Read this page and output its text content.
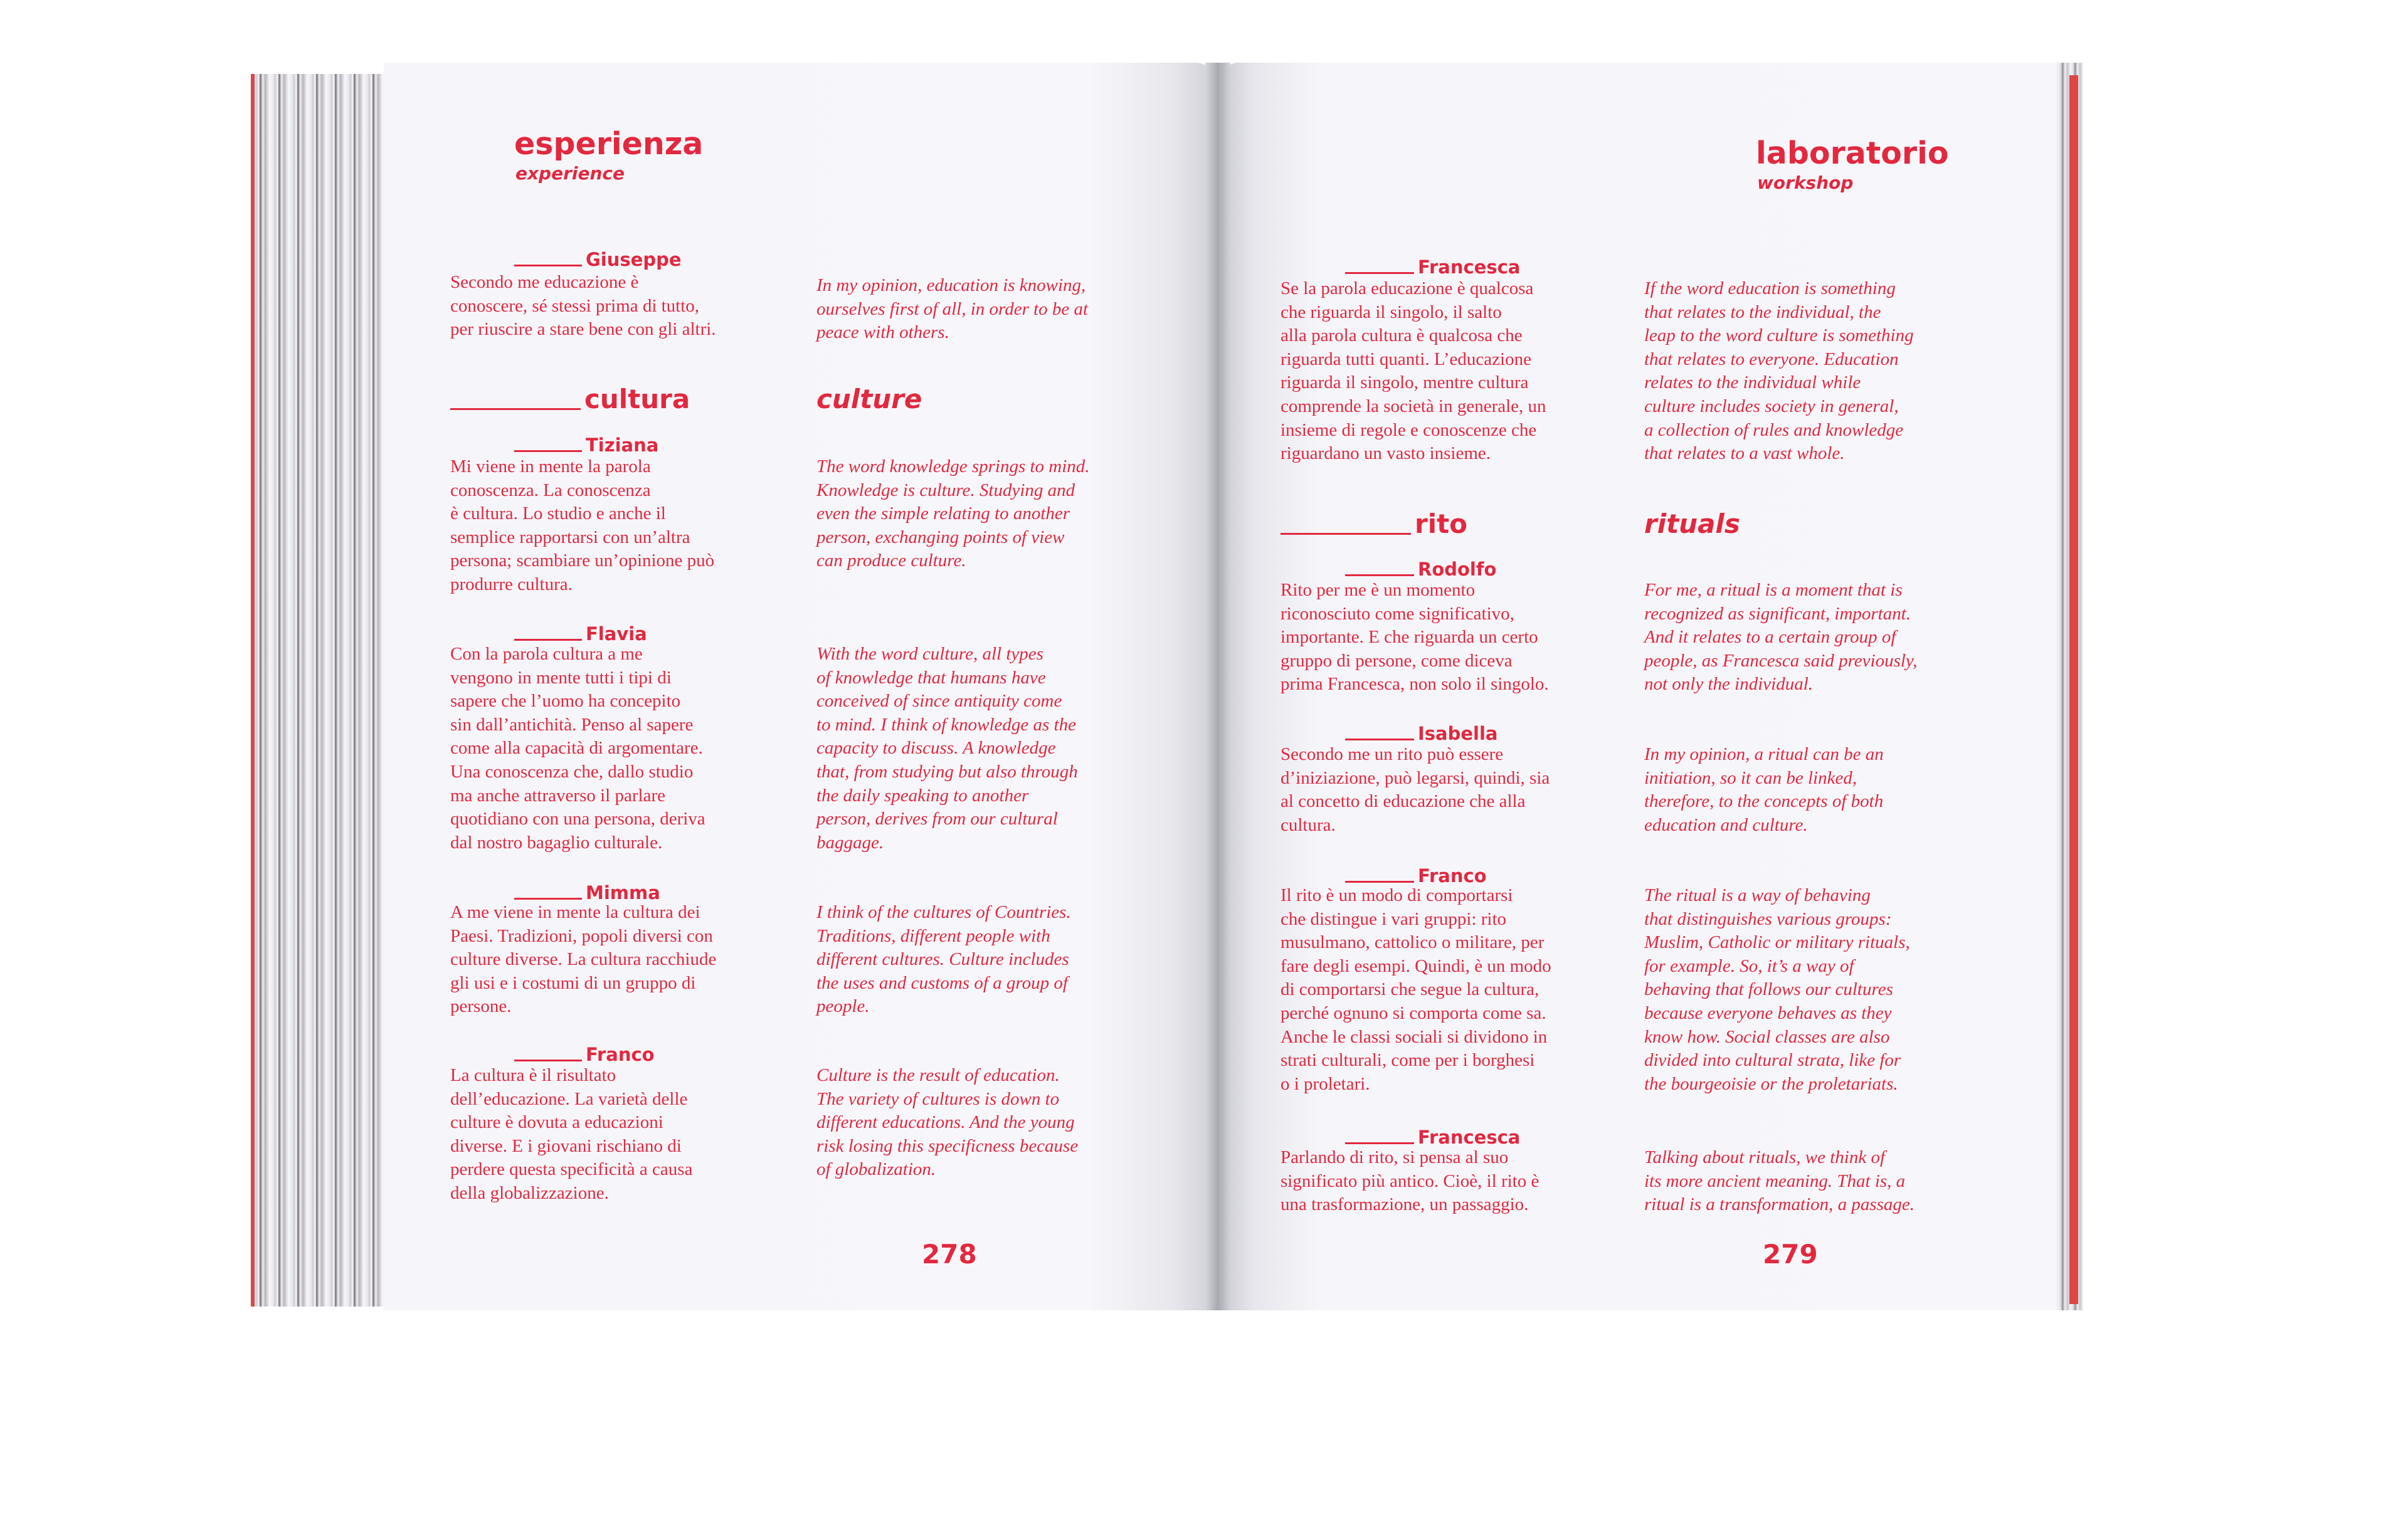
esperienza
experience
Giuseppe
Secondo me educazione è
conoscere, sé stessi prima di tutto,
per riuscire a stare bene con gli altri.
In my opinion, education is knowing,
ourselves first of all, in order to be at
peace with others.
cultura	culture
Tiziana
Mi viene in mente la parola
conoscenza. La conoscenza
è cultura. Lo studio e anche il
semplice rapportarsi con un’altra
persona; scambiare un’opinione può
produrre cultura.
The word knowledge springs to mind.
Knowledge is culture. Studying and
even the simple relating to another
person, exchanging points of view
can produce culture.
Flavia
Con la parola cultura a me
vengono in mente tutti i tipi di
sapere che l’uomo ha concepito
sin dall’antichità. Penso al sapere
come alla capacità di argomentare.
Una conoscenza che, dallo studio
ma anche attraverso il parlare
quotidiano con una persona, deriva
dal nostro bagaglio culturale.
With the word culture, all types
of knowledge that humans have
conceived of since antiquity come
to mind. I think of knowledge as the
capacity to discuss. A knowledge
that, from studying but also through
the daily speaking to another
person, derives from our cultural
baggage.
Mimma
A me viene in mente la cultura dei
Paesi. Tradizioni, popoli diversi con
culture diverse. La cultura racchiude
gli usi e i costumi di un gruppo di
persone.
I think of the cultures of Countries.
Traditions, different people with
different cultures. Culture includes
the uses and customs of a group of
people.
Franco
La cultura è il risultato
dell’educazione. La varietà delle
culture è dovuta a educazioni
diverse. E i giovani rischiano di
perdere questa specificità a causa
della globalizzazione.
Culture is the result of education.
The variety of cultures is down to
different educations. And the young
risk losing this specificness because
of globalization.
278
laboratorio
workshop
Francesca
Se la parola educazione è qualcosa
che riguarda il singolo, il salto
alla parola cultura è qualcosa che
riguarda tutti quanti. L’educazione
riguarda il singolo, mentre cultura
comprende la società in generale, un
insieme di regole e conoscenze che
riguardano un vasto insieme.
If the word education is something
that relates to the individual, the
leap to the word culture is something
that relates to everyone. Education
relates to the individual while
culture includes society in general,
a collection of rules and knowledge
that relates to a vast whole.
rito	rituals
Rodolfo
Rito per me è un momento
riconosciuto come significativo,
importante. E che riguarda un certo
gruppo di persone, come diceva
prima Francesca, non solo il singolo.
For me, a ritual is a moment that is
recognized as significant, important.
And it relates to a certain group of
people, as Francesca said previously,
not only the individual.
Isabella
Secondo me un rito può essere
d’iniziazione, può legarsi, quindi, sia
al concetto di educazione che alla
cultura.
In my opinion, a ritual can be an
initiation, so it can be linked,
therefore, to the concepts of both
education and culture.
Franco
Il rito è un modo di comportarsi
che distingue i vari gruppi: rito
musulmano, cattolico o militare, per
fare degli esempi. Quindi, è un modo
di comportarsi che segue la cultura,
perché ognuno si comporta come sa.
Anche le classi sociali si dividono in
strati culturali, come per i borghesi
o i proletari.
The ritual is a way of behaving
that distinguishes various groups:
Muslim, Catholic or military rituals,
for example. So, it’s a way of
behaving that follows our cultures
because everyone behaves as they
know how. Social classes are also
divided into cultural strata, like for
the bourgeoisie or the proletariats.
Francesca
Parlando di rito, si pensa al suo
significato più antico. Cioè, il rito è
una trasformazione, un passaggio.
Talking about rituals, we think of
its more ancient meaning. That is, a
ritual is a transformation, a passage.
279
